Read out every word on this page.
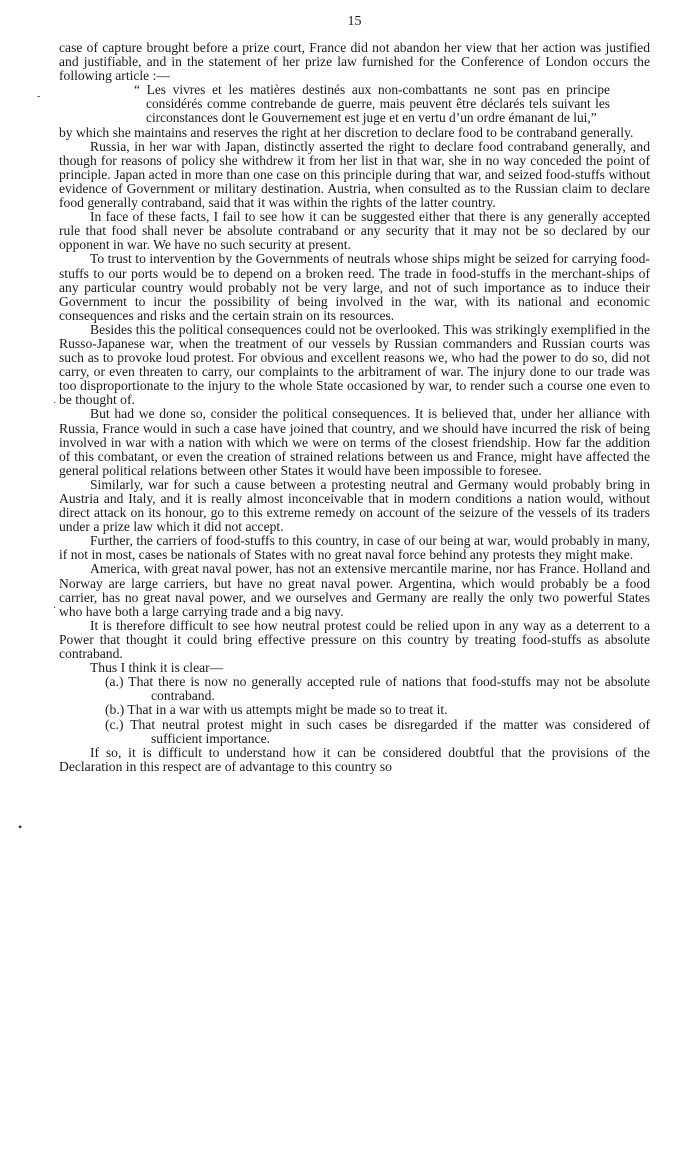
15

case of capture brought before a prize court, France did not abandon her view that her action was justified and justifiable, and in the statement of her prize law furnished for the Conference of London occurs the following article :—

“ Les vivres et les matières destinés aux non-combattants ne sont pas en principe considérés comme contrebande de guerre, mais peuvent être déclarés tels suivant les circonstances dont le Gouvernement est juge et en vertu d’un ordre émanant de lui,”

by which she maintains and reserves the right at her discretion to declare food to be contraband generally.

Russia, in her war with Japan, distinctly asserted the right to declare food contraband generally, and though for reasons of policy she withdrew it from her list in that war, she in no way conceded the point of principle. Japan acted in more than one case on this principle during that war, and seized food-stuffs without evidence of Government or military destination. Austria, when consulted as to the Russian claim to declare food generally contraband, said that it was within the rights of the latter country.

In face of these facts, I fail to see how it can be suggested either that there is any generally accepted rule that food shall never be absolute contraband or any security that it may not be so declared by our opponent in war. We have no such security at present.

To trust to intervention by the Governments of neutrals whose ships might be seized for carrying food-stuffs to our ports would be to depend on a broken reed. The trade in food-stuffs in the merchant-ships of any particular country would probably not be very large, and not of such importance as to induce their Government to incur the possibility of being involved in the war, with its national and economic consequences and risks and the certain strain on its resources.

Besides this the political consequences could not be overlooked. This was strikingly exemplified in the Russo-Japanese war, when the treatment of our vessels by Russian commanders and Russian courts was such as to provoke loud protest. For obvious and excellent reasons we, who had the power to do so, did not carry, or even threaten to carry, our complaints to the arbitrament of war. The injury done to our trade was too disproportionate to the injury to the whole State occasioned by war, to render such a course one even to be thought of.

But had we done so, consider the political consequences. It is believed that, under her alliance with Russia, France would in such a case have joined that country, and we should have incurred the risk of being involved in war with a nation with which we were on terms of the closest friendship. How far the addition of this combatant, or even the creation of strained relations between us and France, might have affected the general political relations between other States it would have been impossible to foresee.

Similarly, war for such a cause between a protesting neutral and Germany would probably bring in Austria and Italy, and it is really almost inconceivable that in modern conditions a nation would, without direct attack on its honour, go to this extreme remedy on account of the seizure of the vessels of its traders under a prize law which it did not accept.

Further, the carriers of food-stuffs to this country, in case of our being at war, would probably in many, if not in most, cases be nationals of States with no great naval force behind any protests they might make.

America, with great naval power, has not an extensive mercantile marine, nor has France. Holland and Norway are large carriers, but have no great naval power. Argentina, which would probably be a food carrier, has no great naval power, and we ourselves and Germany are really the only two powerful States who have both a large carrying trade and a big navy.

It is therefore difficult to see how neutral protest could be relied upon in any way as a deterrent to a Power that thought it could bring effective pressure on this country by treating food-stuffs as absolute contraband.

Thus I think it is clear—

(a.) That there is now no generally accepted rule of nations that food-stuffs may not be absolute contraband.

(b.) That in a war with us attempts might be made so to treat it.

(c.) That neutral protest might in such cases be disregarded if the matter was considered of sufficient importance.

If so, it is difficult to understand how it can be considered doubtful that the provisions of the Declaration in this respect are of advantage to this country so

-
·
·
•
